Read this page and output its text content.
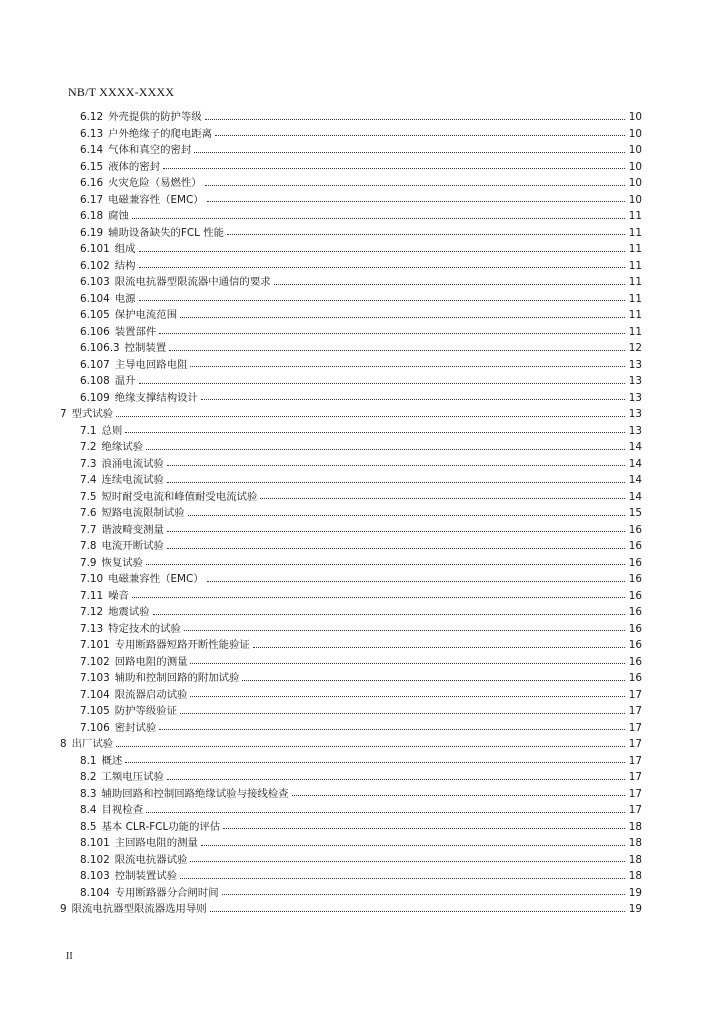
NB/T XXXX-XXXX
6.12 外壳提供的防护等级	10
6.13 户外绝缘子的爬电距离	10
6.14 气体和真空的密封	10
6.15 液体的密封	10
6.16 火灾危险（易燃性）	10
6.17 电磁兼容性（EMC）	10
6.18 腐蚀	11
6.19 辅助设备缺失的FCL 性能	11
6.101 组成	11
6.102 结构	11
6.103 限流电抗器型限流器中通信的要求	11
6.104 电源	11
6.105 保护电流范围	11
6.106 装置部件	11
6.106.3 控制装置	12
6.107 主导电回路电阻	13
6.108 温升	13
6.109 绝缘支撑结构设计	13
7 型式试验	13
7.1 总则	13
7.2 绝缘试验	14
7.3 浪涌电流试验	14
7.4 连续电流试验	14
7.5 短时耐受电流和峰值耐受电流试验	14
7.6 短路电流限制试验	15
7.7 谐波畸变测量	16
7.8 电流开断试验	16
7.9 恢复试验	16
7.10 电磁兼容性（EMC）	16
7.11 噪音	16
7.12 地震试验	16
7.13 特定技术的试验	16
7.101 专用断路器短路开断性能验证	16
7.102 回路电阻的测量	16
7.103 辅助和控制回路的附加试验	16
7.104 限流器启动试验	17
7.105 防护等级验证	17
7.106 密封试验	17
8 出厂试验	17
8.1 概述	17
8.2 工频电压试验	17
8.3 辅助回路和控制回路绝缘试验与接线检查	17
8.4 目视检查	17
8.5 基本 CLR-FCL功能的评估	18
8.101 主回路电阻的测量	18
8.102 限流电抗器试验	18
8.103 控制装置试验	18
8.104 专用断路器分合闸时间	19
9 限流电抗器型限流器选用导则	19
II
